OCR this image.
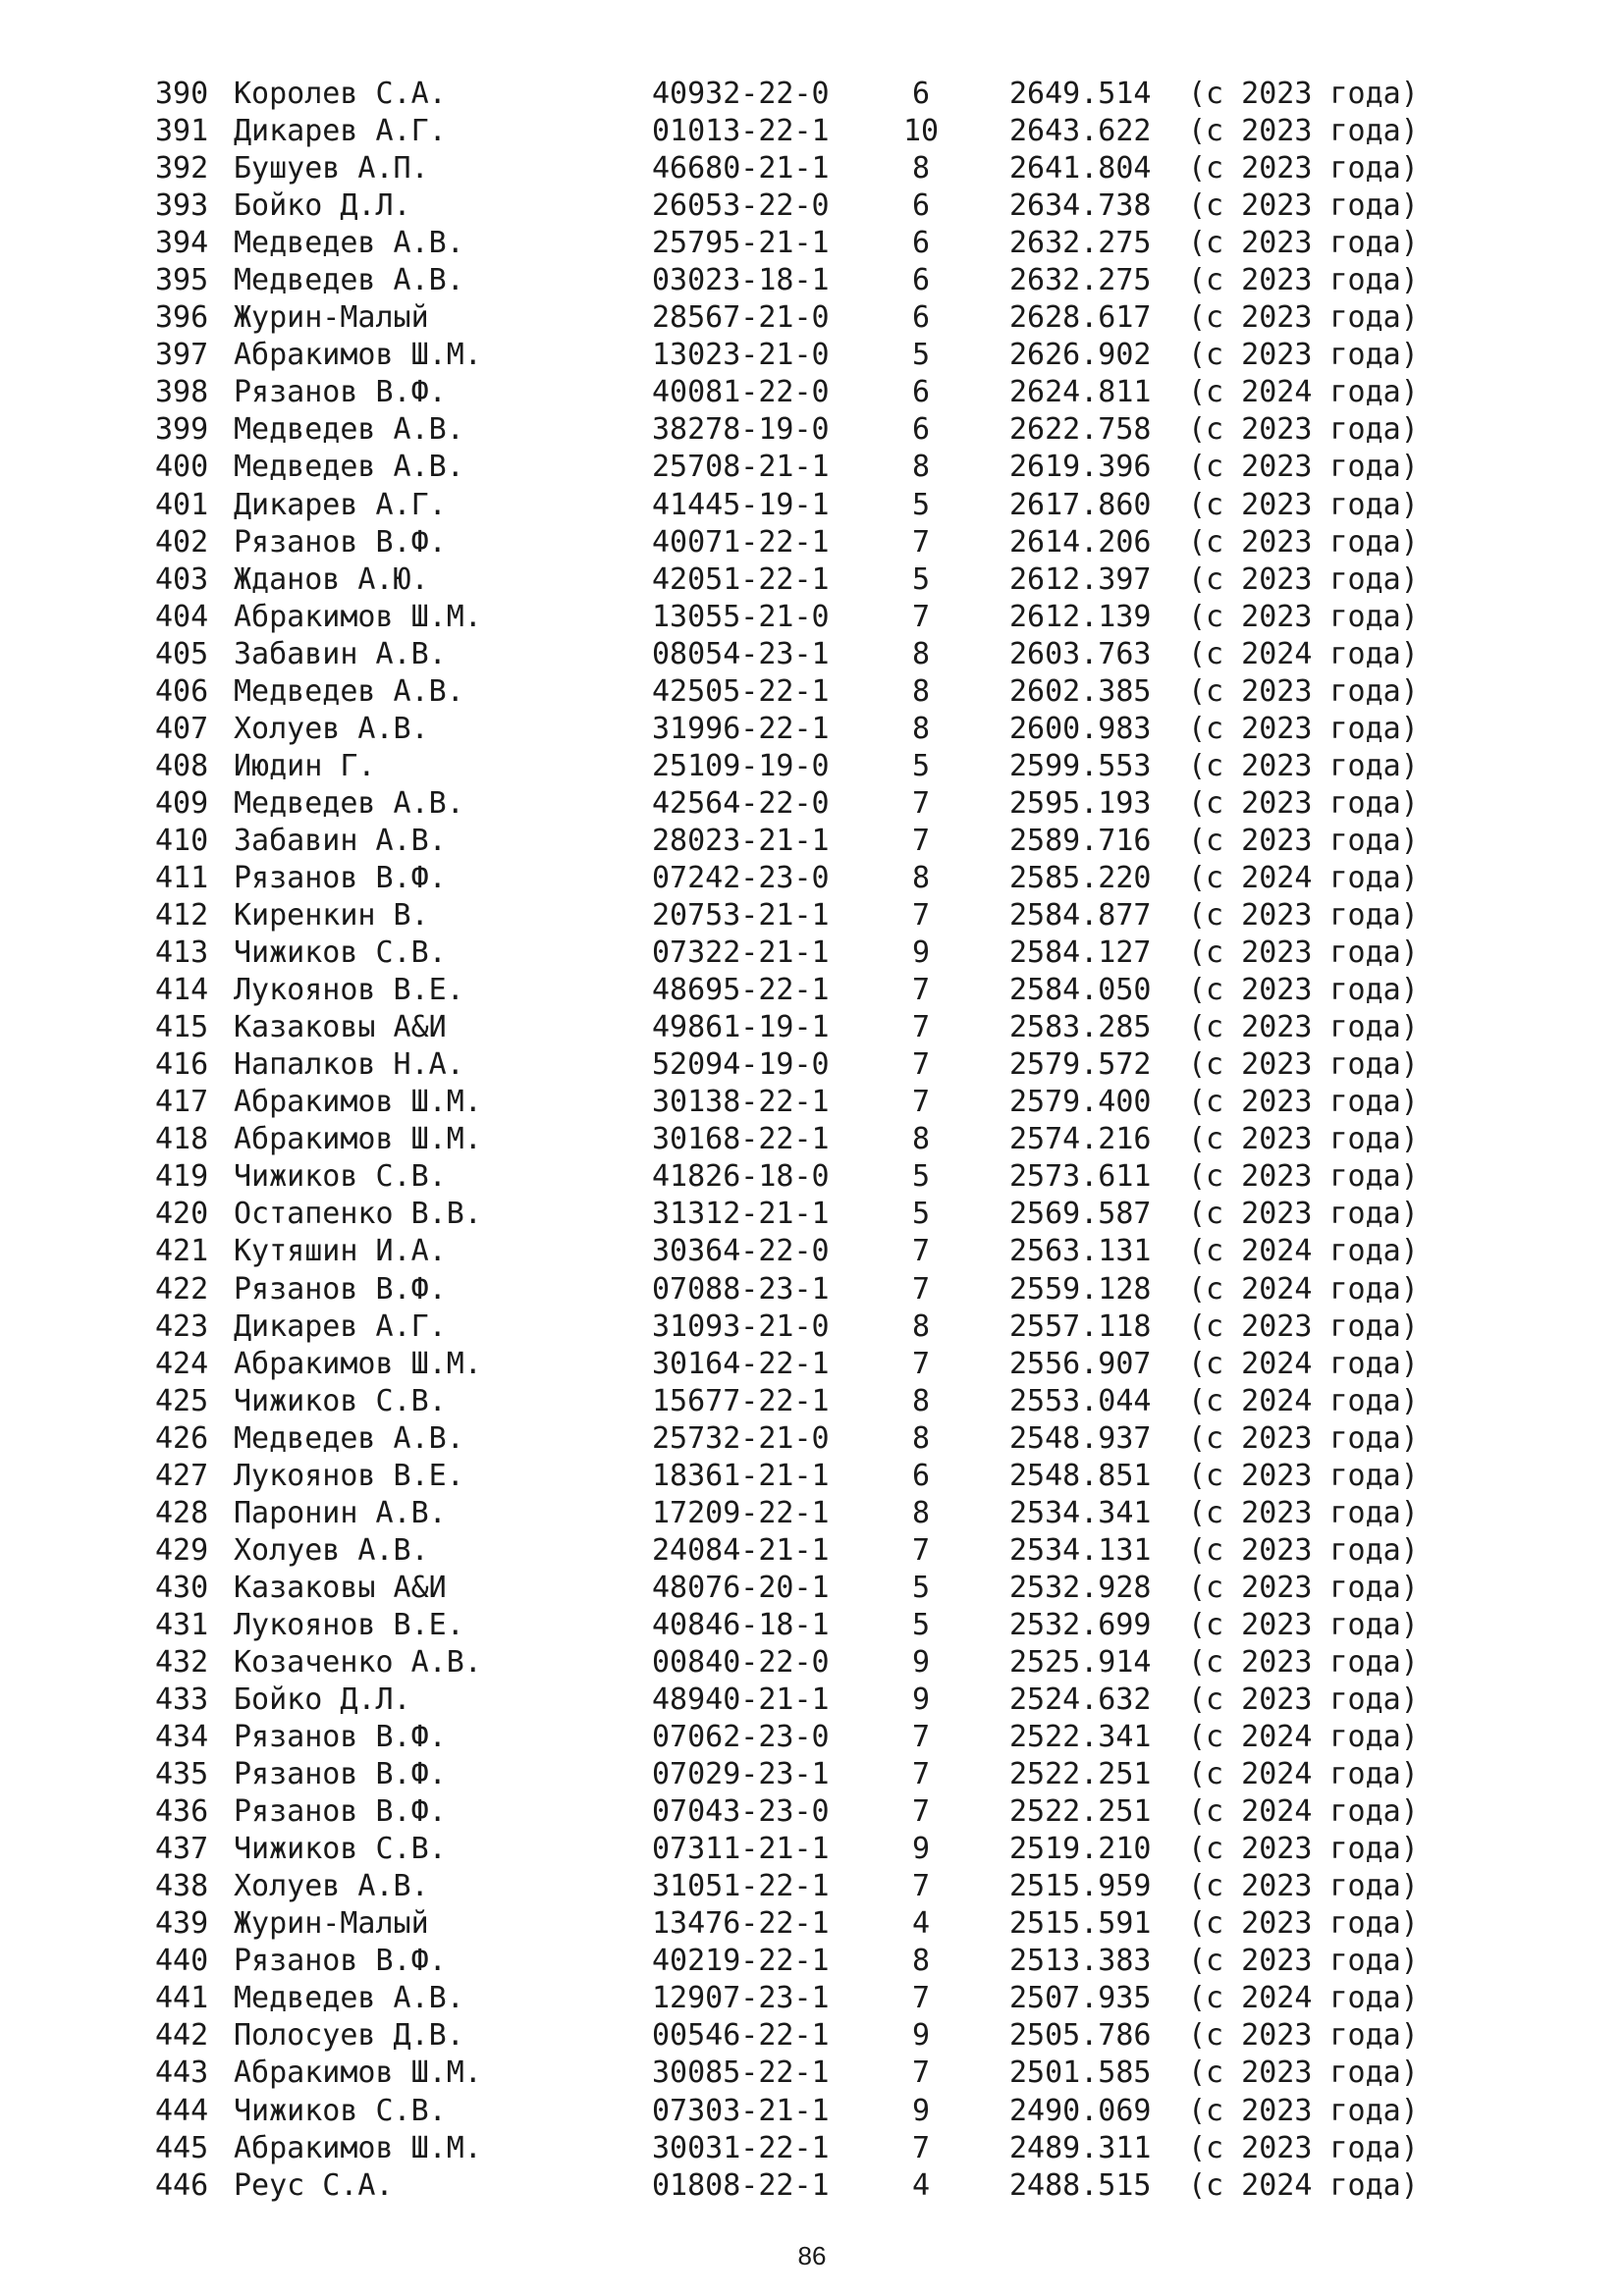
390 Королев С.А.	40932-22-0	6	2649.514 (с 2023 года)
391 Дикарев А.Г.	01013-22-1	10	2643.622 (с 2023 года)
392 Бушуев А.П.	46680-21-1	8	2641.804 (с 2023 года)
393 Бойко Д.Л.	26053-22-0	6	2634.738 (с 2023 года)
394 Медведев А.В.	25795-21-1	6	2632.275 (с 2023 года)
395 Медведев А.В.	03023-18-1	6	2632.275 (с 2023 года)
396 Журин-Малый	28567-21-0	6	2628.617 (с 2023 года)
397 Абракимов Ш.М.	13023-21-0	5	2626.902 (с 2023 года)
398 Рязанов В.Ф.	40081-22-0	6	2624.811 (с 2024 года)
399 Медведев А.В.	38278-19-0	6	2622.758 (с 2023 года)
400 Медведев А.В.	25708-21-1	8	2619.396 (с 2023 года)
401 Дикарев А.Г.	41445-19-1	5	2617.860 (с 2023 года)
402 Рязанов В.Ф.	40071-22-1	7	2614.206 (с 2023 года)
403 Жданов А.Ю.	42051-22-1	5	2612.397 (с 2023 года)
404 Абракимов Ш.М.	13055-21-0	7	2612.139 (с 2023 года)
405 Забавин А.В.	08054-23-1	8	2603.763 (с 2024 года)
406 Медведев А.В.	42505-22-1	8	2602.385 (с 2023 года)
407 Холуев А.В.	31996-22-1	8	2600.983 (с 2023 года)
408 Июдин Г.	25109-19-0	5	2599.553 (с 2023 года)
409 Медведев А.В.	42564-22-0	7	2595.193 (с 2023 года)
410 Забавин А.В.	28023-21-1	7	2589.716 (с 2023 года)
411 Рязанов В.Ф.	07242-23-0	8	2585.220 (с 2024 года)
412 Киренкин В.	20753-21-1	7	2584.877 (с 2023 года)
413 Чижиков С.В.	07322-21-1	9	2584.127 (с 2023 года)
414 Лукоянов В.Е.	48695-22-1	7	2584.050 (с 2023 года)
415 Казаковы А&И	49861-19-1	7	2583.285 (с 2023 года)
416 Напалков Н.А.	52094-19-0	7	2579.572 (с 2023 года)
417 Абракимов Ш.М.	30138-22-1	7	2579.400 (с 2023 года)
418 Абракимов Ш.М.	30168-22-1	8	2574.216 (с 2023 года)
419 Чижиков С.В.	41826-18-0	5	2573.611 (с 2023 года)
420 Остапенко В.В.	31312-21-1	5	2569.587 (с 2023 года)
421 Кутяшин И.А.	30364-22-0	7	2563.131 (с 2024 года)
422 Рязанов В.Ф.	07088-23-1	7	2559.128 (с 2024 года)
423 Дикарев А.Г.	31093-21-0	8	2557.118 (с 2023 года)
424 Абракимов Ш.М.	30164-22-1	7	2556.907 (с 2024 года)
425 Чижиков С.В.	15677-22-1	8	2553.044 (с 2024 года)
426 Медведев А.В.	25732-21-0	8	2548.937 (с 2023 года)
427 Лукоянов В.Е.	18361-21-1	6	2548.851 (с 2023 года)
428 Паронин А.В.	17209-22-1	8	2534.341 (с 2023 года)
429 Холуев А.В.	24084-21-1	7	2534.131 (с 2023 года)
430 Казаковы А&И	48076-20-1	5	2532.928 (с 2023 года)
431 Лукоянов В.Е.	40846-18-1	5	2532.699 (с 2023 года)
432 Козаченко А.В.	00840-22-0	9	2525.914 (с 2023 года)
433 Бойко Д.Л.	48940-21-1	9	2524.632 (с 2023 года)
434 Рязанов В.Ф.	07062-23-0	7	2522.341 (с 2024 года)
435 Рязанов В.Ф.	07029-23-1	7	2522.251 (с 2024 года)
436 Рязанов В.Ф.	07043-23-0	7	2522.251 (с 2024 года)
437 Чижиков С.В.	07311-21-1	9	2519.210 (с 2023 года)
438 Холуев А.В.	31051-22-1	7	2515.959 (с 2023 года)
439 Журин-Малый	13476-22-1	4	2515.591 (с 2023 года)
440 Рязанов В.Ф.	40219-22-1	8	2513.383 (с 2023 года)
441 Медведев А.В.	12907-23-1	7	2507.935 (с 2024 года)
442 Полосуев Д.В.	00546-22-1	9	2505.786 (с 2023 года)
443 Абракимов Ш.М.	30085-22-1	7	2501.585 (с 2023 года)
444 Чижиков С.В.	07303-21-1	9	2490.069 (с 2023 года)
445 Абракимов Ш.М.	30031-22-1	7	2489.311 (с 2023 года)
446 Реус С.А.	01808-22-1	4	2488.515 (с 2024 года)
86
